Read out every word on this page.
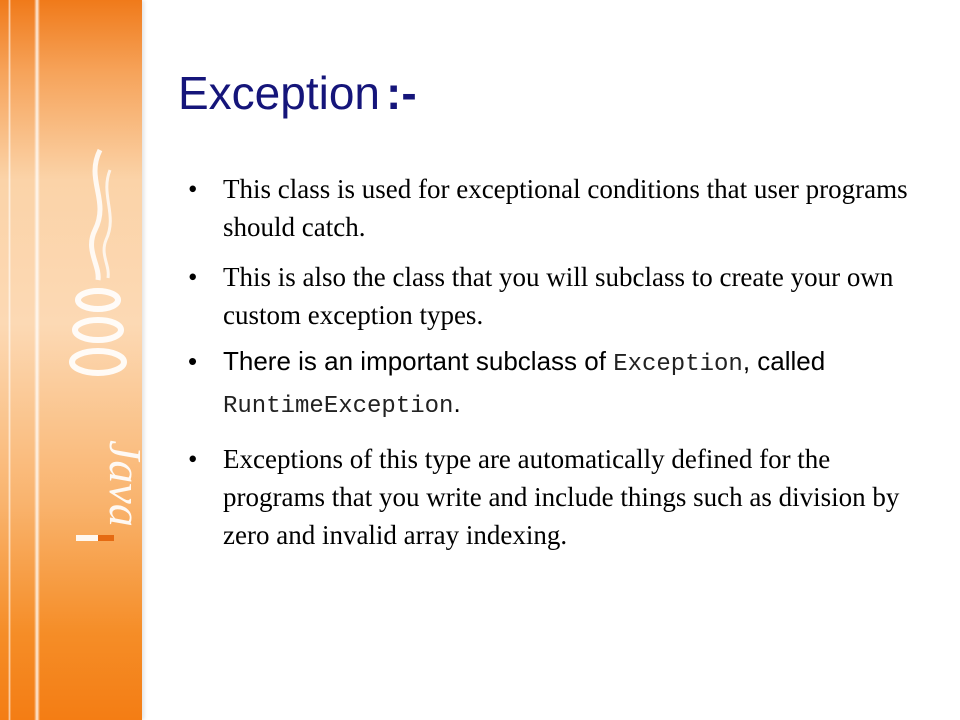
Java
Exception :-
• This class is used for exceptional conditions that user programs should catch.
• This is also the class that you will subclass to create your own custom exception types.
• There is an important subclass of Exception, called RuntimeException.
• Exceptions of this type are automatically defined for the programs that you write and include things such as division by zero and invalid array indexing.
